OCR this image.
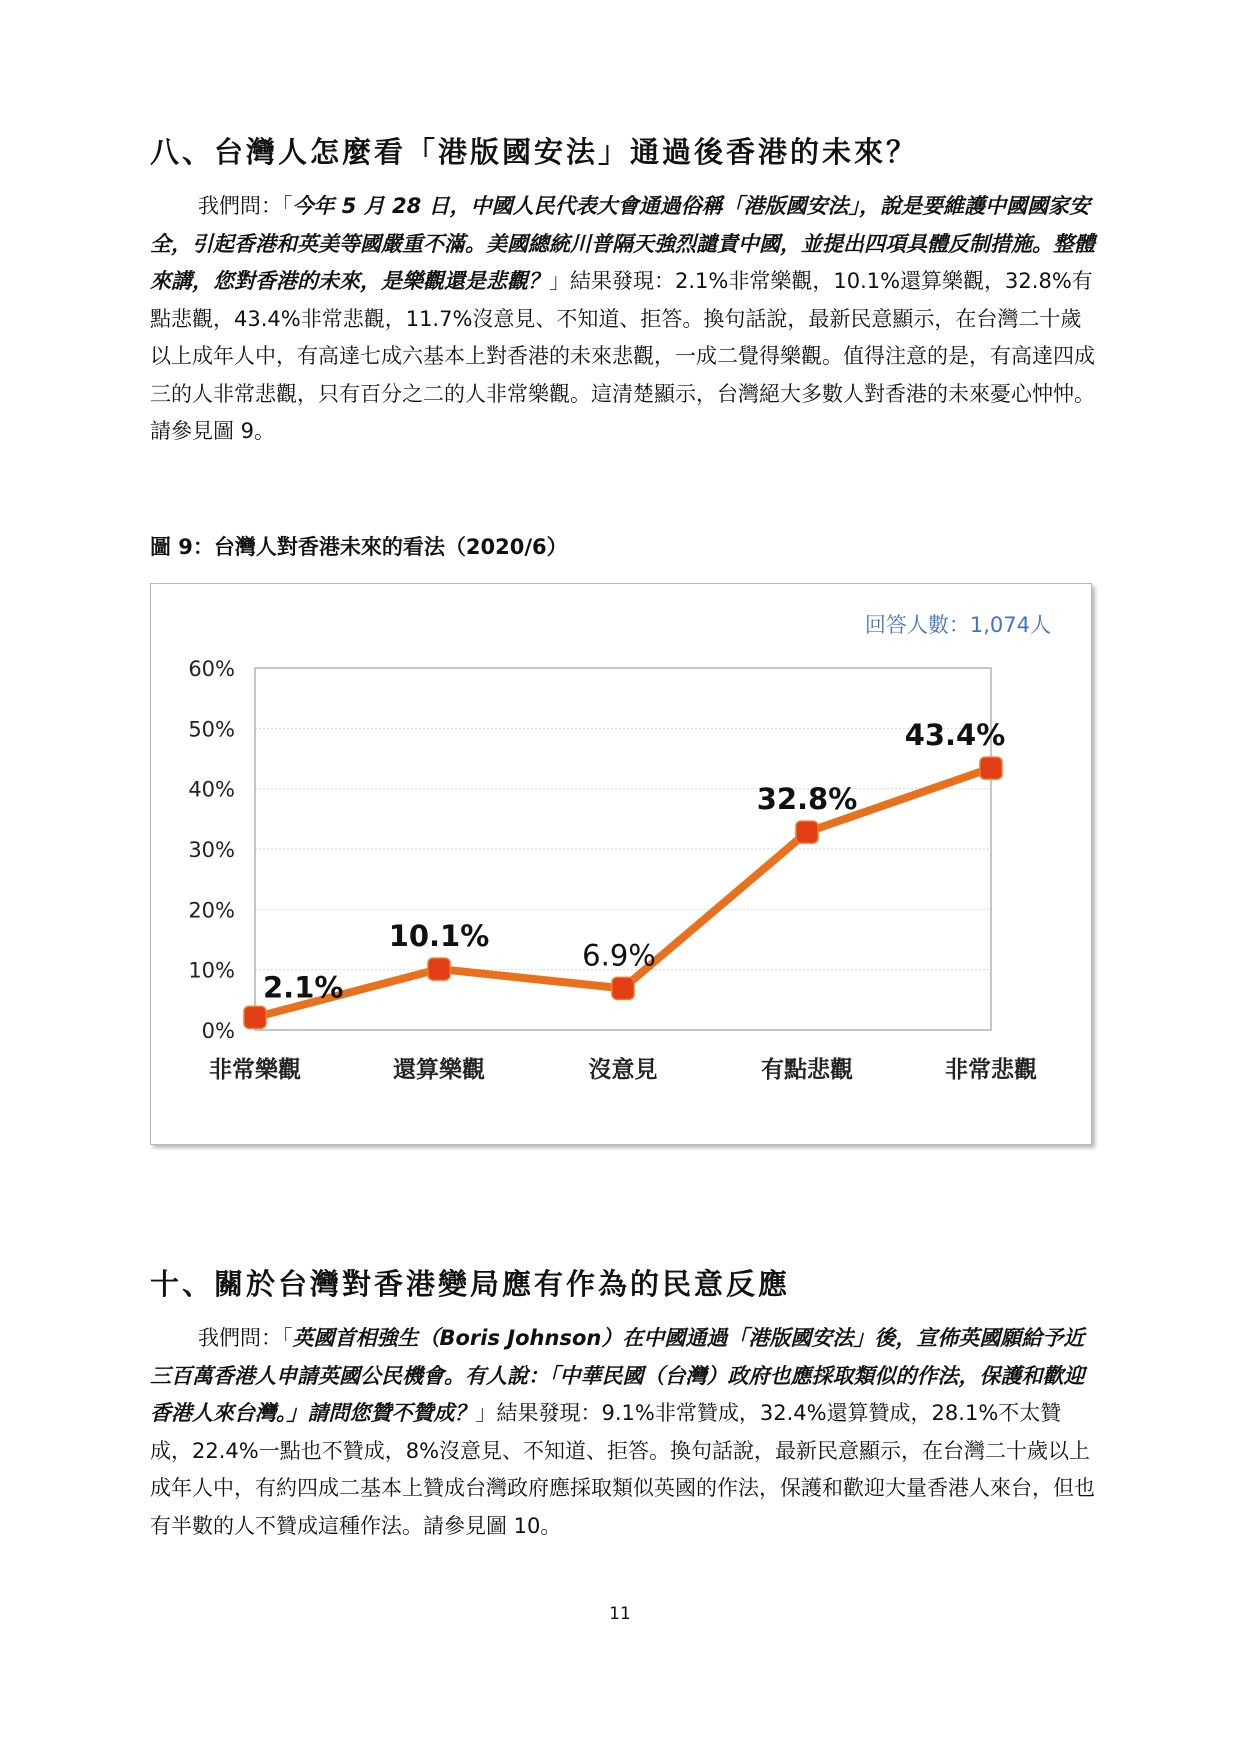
八、台灣人怎麼看「港版國安法」通過後香港的未來？

我們問：「今年 5 月 28 日，中國人民代表大會通過俗稱「港版國安法」，說是要維護中國國家安全，引起香港和英美等國嚴重不滿。美國總統川普隔天強烈譴責中國，並提出四項具體反制措施。整體來講，您對香港的未來，是樂觀還是悲觀？」結果發現：2.1%非常樂觀，10.1%還算樂觀，32.8%有點悲觀，43.4%非常悲觀，11.7%沒意見、不知道、拒答。換句話說，最新民意顯示，在台灣二十歲以上成年人中，有高達七成六基本上對香港的未來悲觀，一成二覺得樂觀。值得注意的是，有高達四成三的人非常悲觀，只有百分之二的人非常樂觀。這清楚顯示，台灣絕大多數人對香港的未來憂心忡忡。請參見圖 9。

圖 9：台灣人對香港未來的看法（2020/6）

0%
10%
20%
30%
40%
50%
60%
非常樂觀	還算樂觀	沒意見	有點悲觀	非常悲觀
2.1%
10.1%
6.9%
32.8%
43.4%
回答人數：1,074人
十、關於台灣對香港變局應有作為的民意反應

我們問：「英國首相強生（Boris Johnson）在中國通過「港版國安法」後，宣佈英國願給予近三百萬香港人申請英國公民機會。有人說：「中華民國（台灣）政府也應採取類似的作法，保護和歡迎香港人來台灣。」請問您贊不贊成？」結果發現：9.1%非常贊成，32.4%還算贊成，28.1%不太贊成，22.4%一點也不贊成，8%沒意見、不知道、拒答。換句話說，最新民意顯示，在台灣二十歲以上成年人中，有約四成二基本上贊成台灣政府應採取類似英國的作法，保護和歡迎大量香港人來台，但也有半數的人不贊成這種作法。請參見圖 10。

11
